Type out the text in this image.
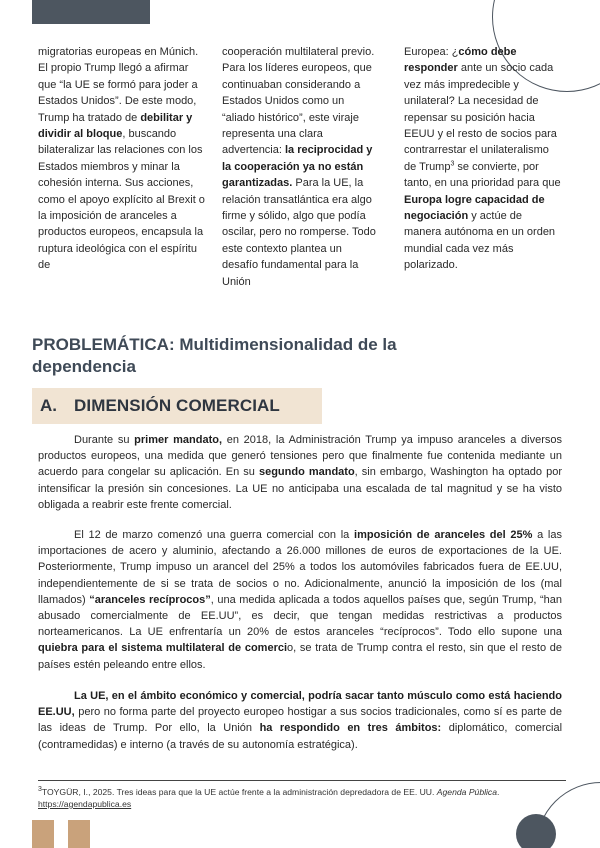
migratorias europeas en Múnich. El propio Trump llegó a afirmar que “la UE se formó para joder a Estados Unidos”. De este modo, Trump ha tratado de debilitar y dividir al bloque, buscando bilateralizar las relaciones con los Estados miembros y minar la cohesión interna. Sus acciones, como el apoyo explícito al Brexit o la imposición de aranceles a productos europeos, encapsula la ruptura ideológica con el espíritu de

cooperación multilateral previo. Para los líderes europeos, que continuaban considerando a Estados Unidos como un “aliado histórico”, este viraje representa una clara advertencia: la reciprocidad y la cooperación ya no están garantizadas. Para la UE, la relación transatlántica era algo firme y sólido, algo que podía oscilar, pero no romperse. Todo este contexto plantea un desafío fundamental para la Unión

Europea: ¿cómo debe responder ante un socio cada vez más impredecible y unilateral? La necesidad de repensar su posición hacia EEUU y el resto de socios para contrarrestar el unilateralismo de Trump$^3$ se convierte, por tanto, en una prioridad para que Europa logre capacidad de negociación y actúe de manera autónoma en un orden mundial cada vez más polarizado.

PROBLEMÁTICA: Multidimensionalidad de la dependencia
A. DIMENSIÓN COMERCIAL

Durante su primer mandato, en 2018, la Administración Trump ya impuso aranceles a diversos productos europeos, una medida que generó tensiones pero que finalmente fue contenida mediante un acuerdo para congelar su aplicación. En su segundo mandato, sin embargo, Washington ha optado por intensificar la presión sin concesiones. La UE no anticipaba una escalada de tal magnitud y se ha visto obligada a reabrir este frente comercial.

El 12 de marzo comenzó una guerra comercial con la imposición de aranceles del 25% a las importaciones de acero y aluminio, afectando a 26.000 millones de euros de exportaciones de la UE. Posteriormente, Trump impuso un arancel del 25% a todos los automóviles fabricados fuera de EE.UU, independientemente de si se trata de socios o no. Adicionalmente, anunció la imposición de los (mal llamados) “aranceles recíprocos”, una medida aplicada a todos aquellos países que, según Trump, “han abusado comercialmente de EE.UU”, es decir, que tengan medidas restrictivas a productos norteamericanos. La UE enfrentaría un 20% de estos aranceles “recíprocos”. Todo ello supone una quiebra para el sistema multilateral de comercio, se trata de Trump contra el resto, sin que el resto de países estén peleando entre ellos.

La UE, en el ámbito económico y comercial, podría sacar tanto músculo como está haciendo EE.UU, pero no forma parte del proyecto europeo hostigar a sus socios tradicionales, como sí es parte de las ideas de Trump. Por ello, la Unión ha respondido en tres ámbitos: diplomático, comercial (contramedidas) e interno (a través de su autonomía estratégica).

$^3$TOYGÜR, I., 2025. Tres ideas para que la UE actúe frente a la administración depredadora de EE. UU. Agenda Pública.
https://agendapublica.es
